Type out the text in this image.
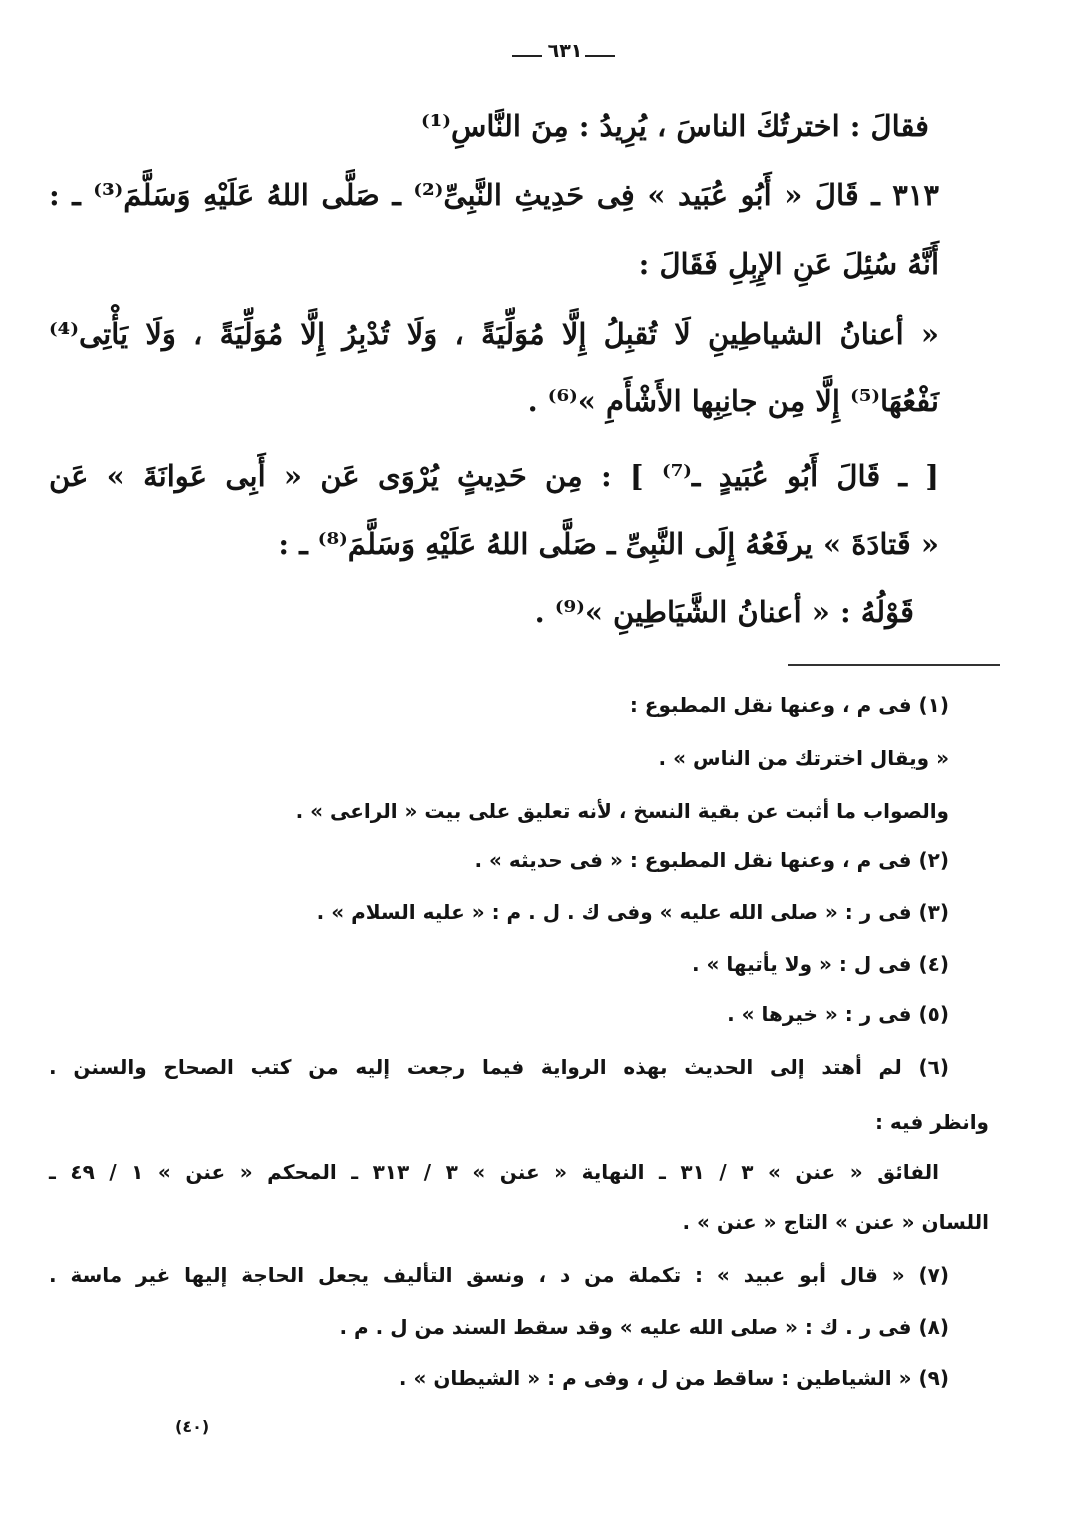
٦٣١
فقالَ : اخترتُكَ الناسَ ، يُرِيدُ : مِنَ النَّاسِ⁽¹⁾
٣١٣ ـ قَالَ « أَبُو عُبَيد » فِى حَدِيثِ النَّبِىِّ⁽²⁾ ـ صَلَّى اللهُ عَلَيْهِ وَسَلَّمَ⁽³⁾ ـ :
أَنَّهُ سُئِلَ عَنِ الإِبِلِ فَقَالَ :
« أعنانُ الشياطِينِ لَا تُقبِلُ إِلَّا مُوَلِّيَةً ، وَلَا تُدْبِرُ إِلَّا مُوَلِّيَةً ، وَلَا يَأْتِى⁽⁴⁾
نَفْعُهَا⁽⁵⁾ إِلَّا مِن جانِبِها الأَشْأَمِ »⁽⁶⁾ .
[ ـ قَالَ أَبُو عُبَيدٍ ـ⁽⁷⁾ ] : مِن حَدِيثٍ يُرْوَى عَن « أَبِى عَوانَةَ » عَن
« قَتادَةَ » يرفَعُهُ إِلَى النَّبِىِّ ـ صَلَّى اللهُ عَلَيْهِ وَسَلَّمَ⁽⁸⁾ ـ :
قَوْلُهُ : « أعنانُ الشَّيَاطِينِ »⁽⁹⁾ .
(١) فى م ، وعنها نقل المطبوع :
« ويقال اخترتك من الناس » .
والصواب ما أثبت عن بقية النسخ ، لأنه تعليق على بيت « الراعى » .
(٢) فى م ، وعنها نقل المطبوع : « فى حديثه » .
(٣) فى ر : « صلى الله عليه » وفى ك . ل . م : « عليه السلام » .
(٤) فى ل : « ولا يأتيها » .
(٥) فى ر : « خيرها » .
(٦) لم أهتد إلى الحديث بهذه الرواية فيما رجعت إليه من كتب الصحاح والسنن .
وانظر فيه :
الفائق « عنن » ٣ / ٣١ ـ النهاية « عنن » ٣ / ٣١٣ ـ المحكم « عنن » ١ / ٤٩ ـ
اللسان « عنن » التاج « عنن » .
(٧) « قال أبو عبيد » : تكملة من د ، ونسق التأليف يجعل الحاجة إليها غير ماسة .
(٨) فى ر . ك : « صلى الله عليه » وقد سقط السند من ل . م .
(٩) « الشياطين : ساقط من ل ، وفى م : « الشيطان » .
(٤٠)
